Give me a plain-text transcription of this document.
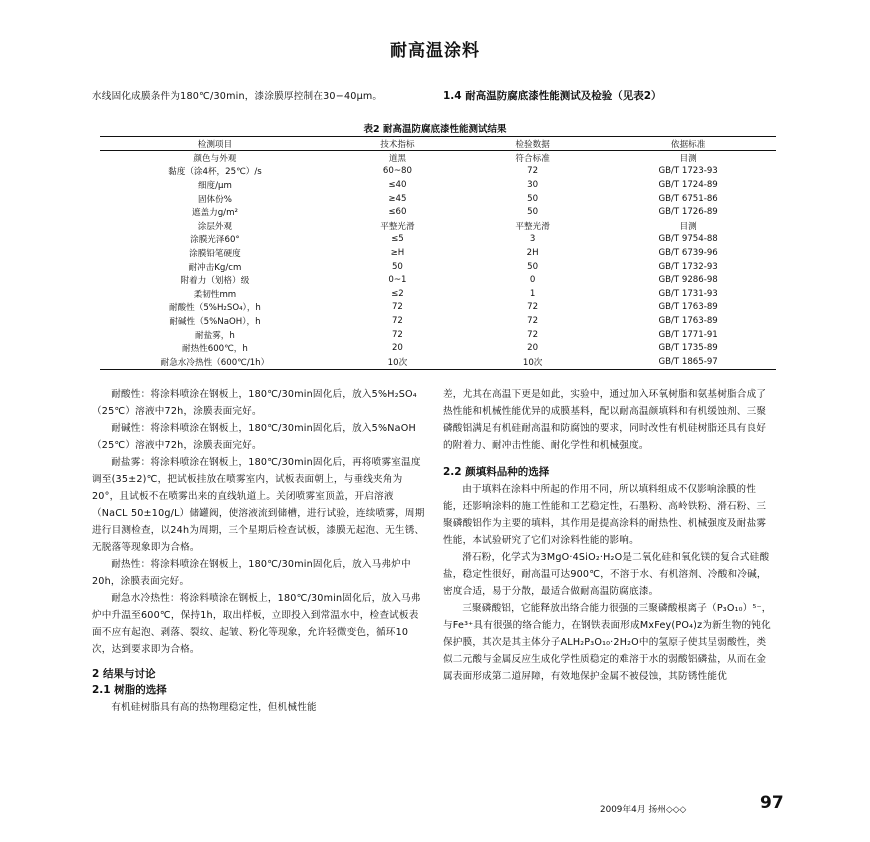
耐高温涂料
水线固化成膜条件为180℃/30min，漆涂膜厚控制在30−40μm。	1.4 耐高温防腐底漆性能测试及检验（见表2）
表2 耐高温防腐底漆性能测试结果
检测项目	技术指标	检验数据	依据标准
颜色与外观	道黑	符合标准	目测
黏度（涂4杯，25℃）/s	60~80	72	GB/T 1723-93
细度/μm	≤40	30	GB/T 1724-89
固体份%	≥45	50	GB/T 6751-86
遮盖力g/m²	≤60	50	GB/T 1726-89
涂层外观	平整光滑	平整光滑	目测
涂膜光泽60°	≤5	3	GB/T 9754-88
涂膜铅笔硬度	≥H	2H	GB/T 6739-96
耐冲击Kg/cm	50	50	GB/T 1732-93
附着力（划格）级	0~1	0	GB/T 9286-98
柔韧性mm	≤2	1	GB/T 1731-93
耐酸性（5%H₂SO₄），h	72	72	GB/T 1763-89
耐碱性（5%NaOH），h	72	72	GB/T 1763-89
耐盐雾，h	72	72	GB/T 1771-91
耐热性600℃，h	20	20	GB/T 1735-89
耐急水冷热性（600℃/1h）	10次	10次	GB/T 1865-97
耐酸性：将涂料喷涂在钢板上，180℃/30min固化后，放入5%H₂SO₄（25℃）溶液中72h，涂膜表面完好。
耐碱性：将涂料喷涂在钢板上，180℃/30min固化后，放入5%NaOH（25℃）溶液中72h，涂膜表面完好。
耐盐雾：将涂料喷涂在钢板上，180℃/30min固化后，再将喷雾室温度调至(35±2)℃，把试板挂放在喷雾室内，试板表面朝上，与垂线夹角为20°，且试板不在喷雾出来的直线轨道上。关闭喷雾室顶盖，开启溶液（NaCL 50±10g/L）储罐阀，使溶液流到储槽，进行试验，连续喷雾，周期进行目测检查，以24h为周期，三个星期后检查试板，漆膜无起泡、无生锈、无脱落等现象即为合格。
耐热性：将涂料喷涂在钢板上，180℃/30min固化后，放入马弗炉中20h，涂膜表面完好。
耐急水冷热性：将涂料喷涂在钢板上，180℃/30min固化后，放入马弗炉中升温至600℃，保持1h，取出样板，立即投入到常温水中，检查试板表面不应有起泡、剥落、裂纹、起皱、粉化等现象，允许轻微变色，循环10次，达到要求即为合格。
2 结果与讨论
2.1 树脂的选择
有机硅树脂具有高的热物理稳定性，但机械性能
差，尤其在高温下更是如此，实验中，通过加入环氧树脂和氨基树脂合成了热性能和机械性能优异的成膜基料，配以耐高温颜填料和有机缓蚀剂、三聚磷酸铝满足有机硅耐高温和防腐蚀的要求，同时改性有机硅树脂还具有良好的附着力、耐冲击性能、耐化学性和机械强度。
2.2 颜填料品种的选择
由于填料在涂料中所起的作用不同，所以填料组成不仅影响涂膜的性能，还影响涂料的施工性能和工艺稳定性，石墨粉、高岭铁粉、滑石粉、三聚磷酸铝作为主要的填料，其作用是提高涂料的耐热性、机械强度及耐盐雾性能，本试验研究了它们对涂料性能的影响。
滑石粉，化学式为3MgO·4SiO₂·H₂O是二氧化硅和氧化镁的复合式硅酸盐，稳定性很好，耐高温可达900℃，不溶于水、有机溶剂、冷酸和冷碱，密度合适，易于分散，最适合做耐高温防腐底漆。
三聚磷酸铝，它能释放出络合能力很强的三聚磷酸根离子（P₃O₁₀）⁵⁻，与Fe³⁺具有很强的络合能力，在钢铁表面形成MxFey(PO₄)z为新生物的钝化保护膜，其次是其主体分子ALH₂P₃O₁₀·2H₂O中的氢原子使其呈弱酸性，类似二元酸与金属反应生成化学性质稳定的难溶于水的弱酸铝磷盐，从而在金属表面形成第二道屏障，有效地保护金属不被侵蚀，其防锈性能优
2009年4月 扬州◇◇◇	97
